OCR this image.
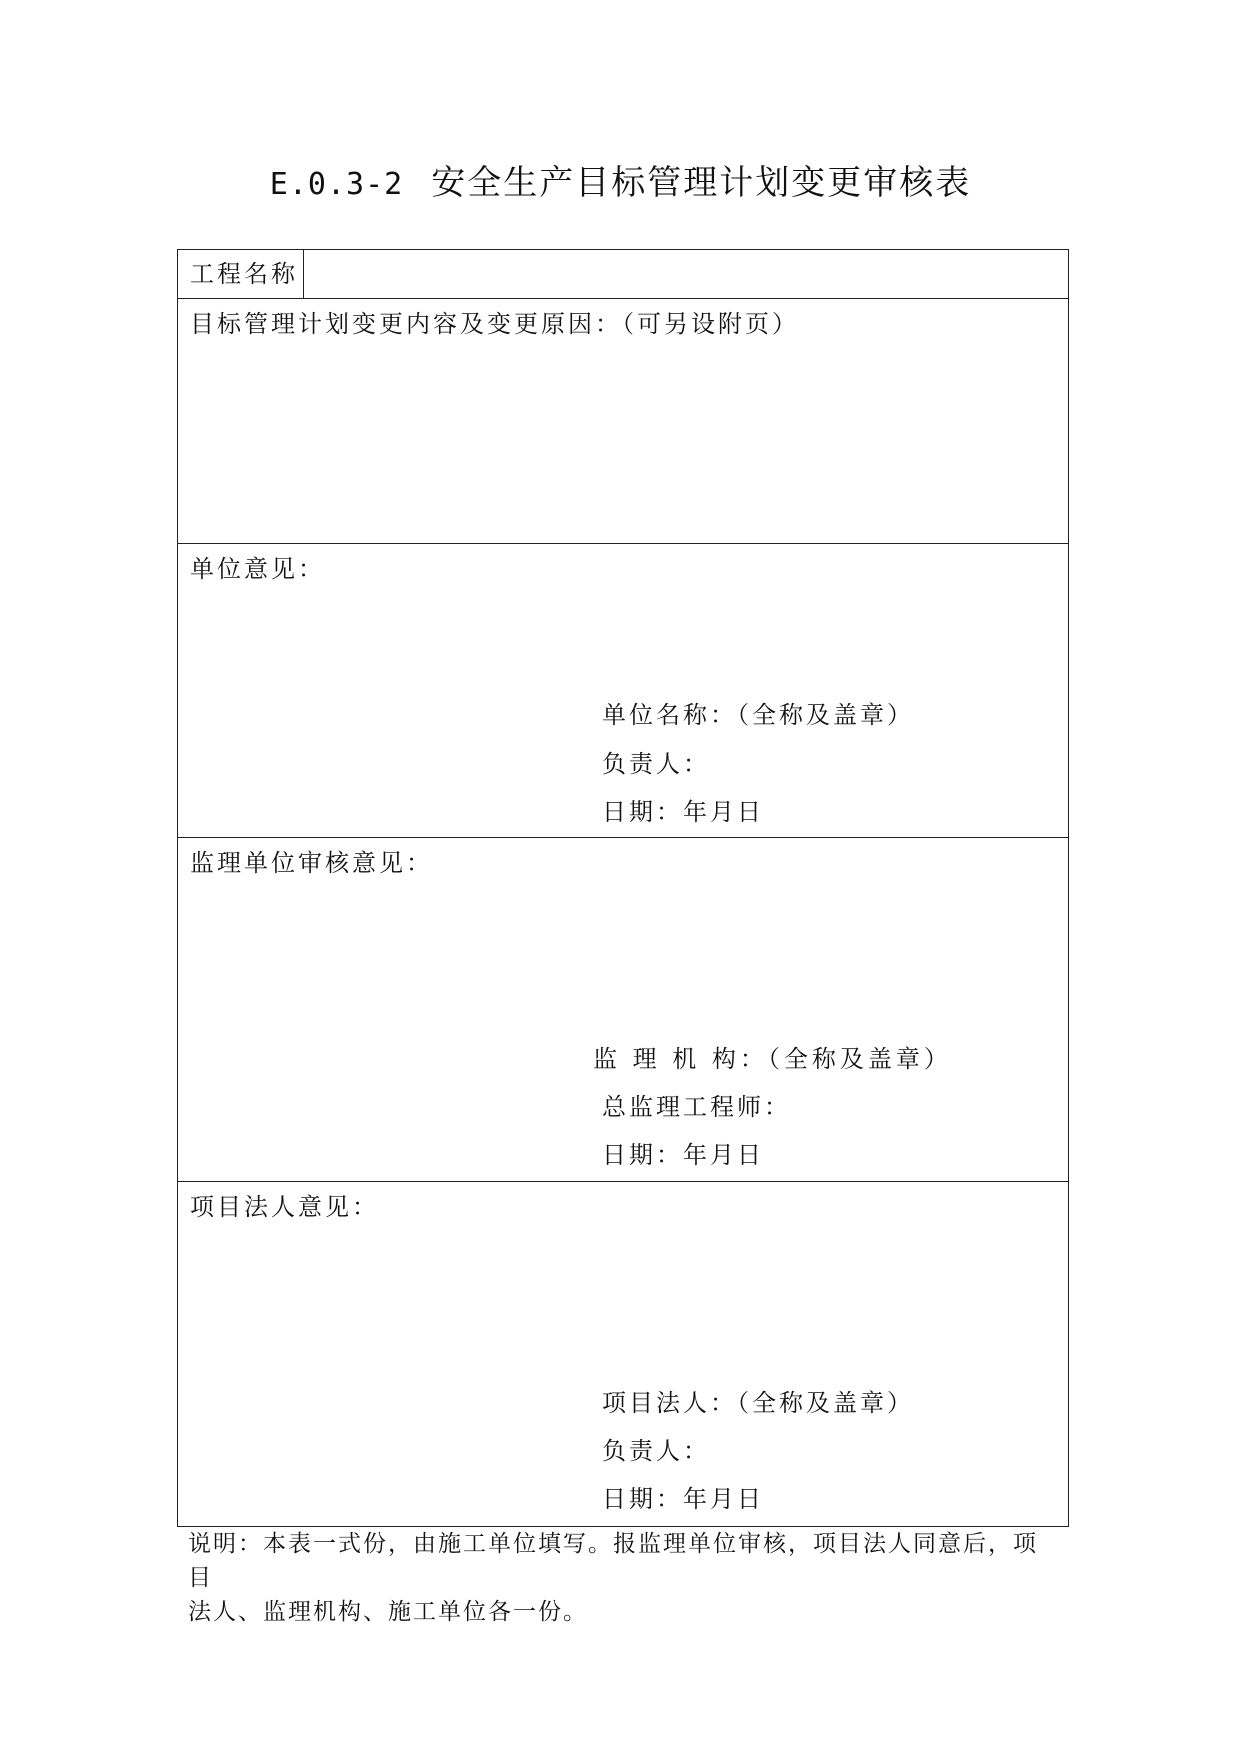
E.0.3-2 安全生产目标管理计划变更审核表
工程名称
目标管理计划变更内容及变更原因：（可另设附页）
单位意见：
单位名称：（全称及盖章）
负责人：
日期：年月日
监理单位审核意见：
监 理 机 构：（全称及盖章）
总监理工程师：
日期：年月日
项目法人意见：
项目法人：（全称及盖章）
负责人：
日期：年月日
说明：本表一式份，由施工单位填写。报监理单位审核，项目法人同意后，项目
法人、监理机构、施工单位各一份。
